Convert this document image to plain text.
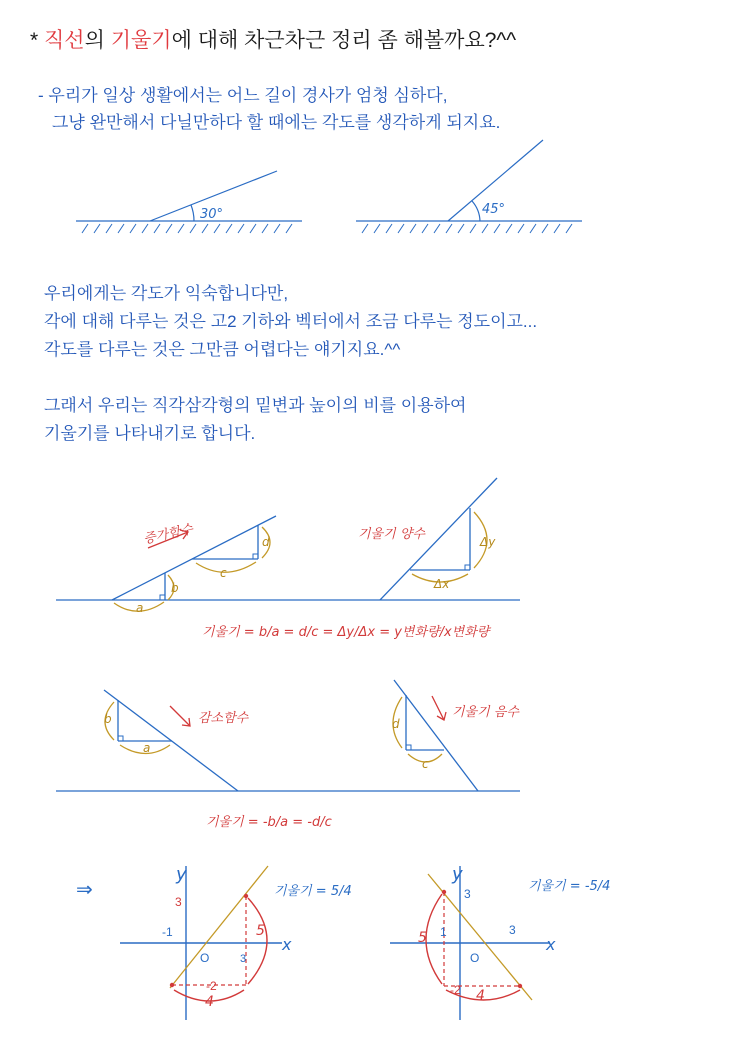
* 직선의 기울기에 대해 차근차근 정리 좀 해볼까요?^^
- 우리가 일상 생활에서는 어느 길이 경사가 엄청 심하다,
그냥 완만해서 다닐만하다 할 때에는 각도를 생각하게 되지요.
우리에게는 각도가 익숙합니다만,
각에 대해 다루는 것은 고2 기하와 벡터에서 조금 다루는 정도이고...
각도를 다루는 것은 그만큼 어렵다는 얘기지요.^^
그래서 우리는 직각삼각형의 밑변과 높이의 비를 이용하여
기울기를 나타내기로 합니다.
30°	45°
a
b
c
d
증가함수	Δy
Δx
기울기 양수
기울기 = b/a = d/c = Δy/Δx = y변화량/x변화량
b
a
감소함수	d
c
기울기 음수
기울기 = -b/a = -d/c
⇒
y
x
3
-1
O	3
5
-2
4
기울기 = 5/4
y
x
3
1	3
O
5
-2 4
기울기 = -5/4
